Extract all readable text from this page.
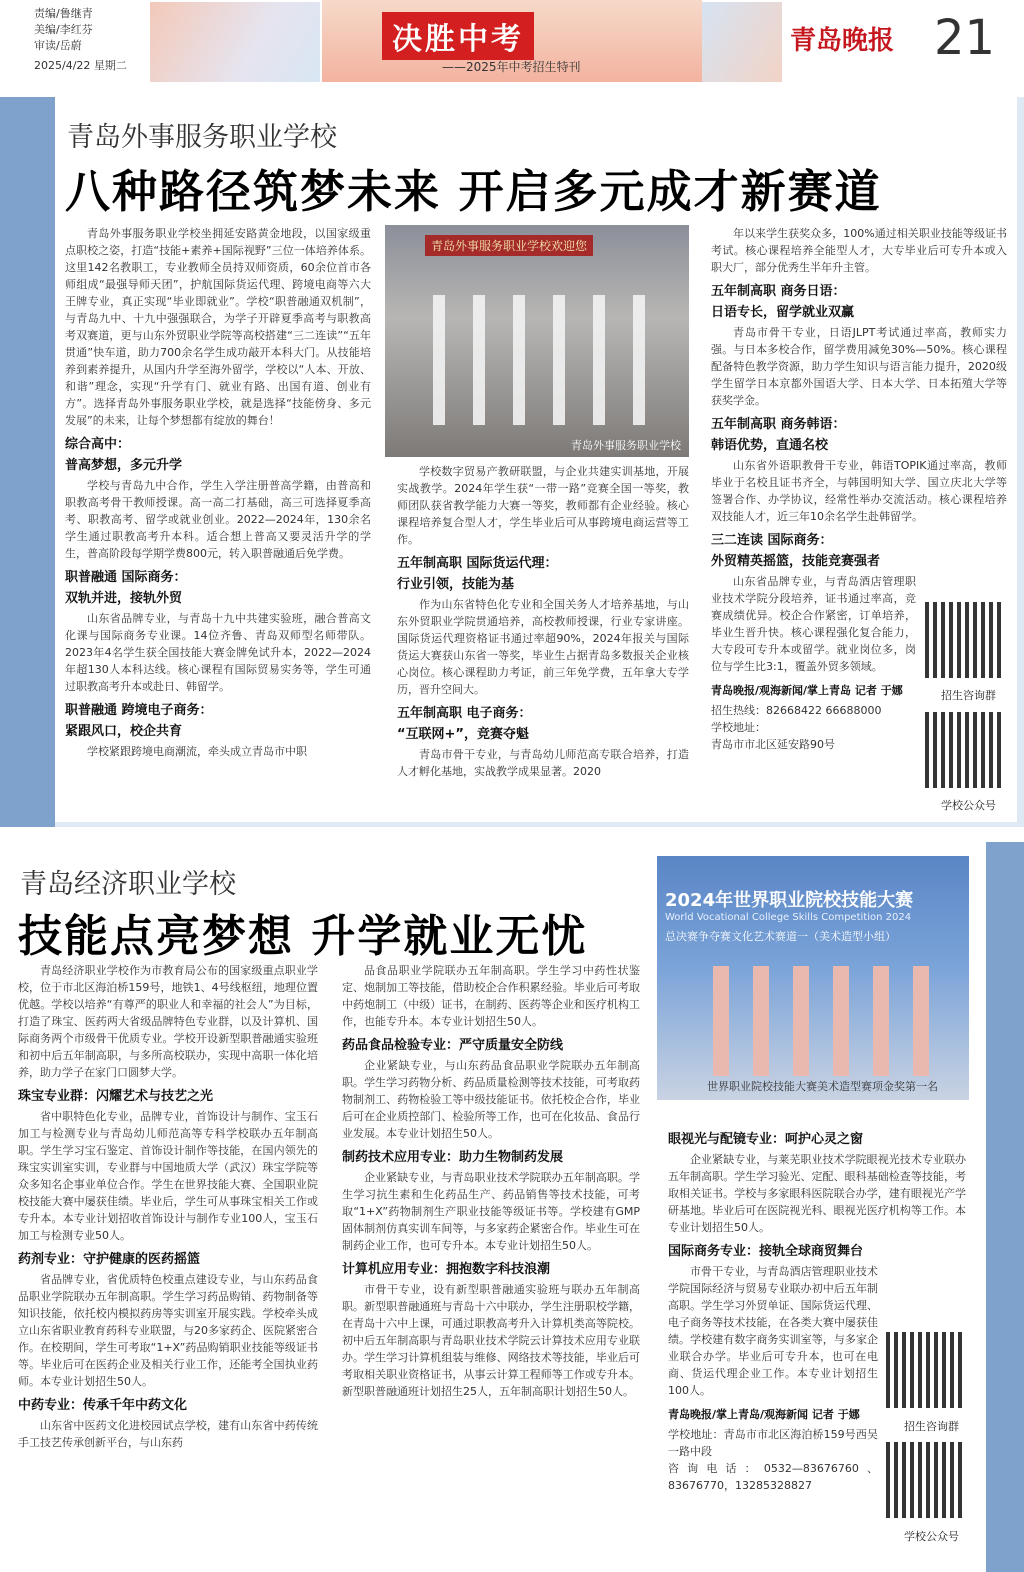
责编/鲁继青
美编/李红芬
审读/岳蔚
2025/4/22 星期二
决胜中考
——2025年中考招生特刊
青岛晚报 21
青岛外事服务职业学校
八种路径筑梦未来 开启多元成才新赛道

青岛外事服务职业学校坐拥延安路黄金地段，以国家级重点职校之姿，打造“技能+素养+国际视野”三位一体培养体系。这里142名教职工，专业教师全员持双师资质，60余位首市各师组成“最强导师天团”，护航国际货运代理、跨境电商等六大王牌专业，真正实现“毕业即就业”。学校“职普融通双机制”，与青岛九中、十九中强强联合，为学子开辟夏季高考与职教高考双赛道，更与山东外贸职业学院等高校搭建“三二连读”“五年贯通”快车道，助力700余名学生成功敲开本科大门。从技能培养到素养提升，从国内升学至海外留学，学校以“人本、开放、和谐”理念，实现“升学有门、就业有路、出国有道、创业有方”。选择青岛外事服务职业学校，就是选择“技能傍身、多元发展”的未来，让每个梦想都有绽放的舞台！

综合高中：
普高梦想，多元升学

学校与青岛九中合作，学生入学注册普高学籍，由普高和职教高考骨干教师授课。高一高二打基础，高三可选择夏季高考、职教高考、留学或就业创业。2022—2024年，130余名学生通过职教高考升本科。适合想上普高又要灵活升学的学生，普高阶段每学期学费800元，转入职普融通后免学费。

职普融通 国际商务：
双轨并进，接轨外贸

山东省品牌专业，与青岛十九中共建实验班，融合普高文化课与国际商务专业课。14位齐鲁、青岛双师型名师带队。2023年4名学生获全国技能大赛金牌免试升本，2022—2024年超130人本科达线。核心课程有国际贸易实务等，学生可通过职教高考升本或赴日、韩留学。

职普融通 跨境电子商务：
紧跟风口，校企共育

学校紧跟跨境电商潮流，牵头成立青岛市中职

青岛外事服务职业学校欢迎您
青岛外事服务职业学校

学校数字贸易产教研联盟，与企业共建实训基地，开展实战教学。2024年学生获“一带一路”竞赛全国一等奖，教师团队获省教学能力大赛一等奖，教师都有企业经验。核心课程培养复合型人才，学生毕业后可从事跨境电商运营等工作。

五年制高职 国际货运代理：
行业引领，技能为基

作为山东省特色化专业和全国关务人才培养基地，与山东外贸职业学院贯通培养，高校教师授课，行业专家讲座。国际货运代理资格证书通过率超90%，2024年报关与国际货运大赛获山东省一等奖，毕业生占据青岛多数报关企业核心岗位。核心课程助力考证，前三年免学费，五年拿大专学历，晋升空间大。

五年制高职 电子商务：
“互联网+”，竞赛夺魁

青岛市骨干专业，与青岛幼儿师范高专联合培养，打造人才孵化基地，实战教学成果显著。2020

年以来学生获奖众多，100%通过相关职业技能等级证书考试。核心课程培养全能型人才，大专毕业后可专升本或入职大厂，部分优秀生半年升主管。

五年制高职 商务日语：
日语专长，留学就业双赢

青岛市骨干专业，日语JLPT考试通过率高，教师实力强。与日本多校合作，留学费用减免30%—50%。核心课程配备特色教学资源，助力学生知识与语言能力提升，2020级学生留学日本京都外国语大学、日本大学、日本拓殖大学等获奖学金。

五年制高职 商务韩语：
韩语优势，直通名校

山东省外语职教骨干专业，韩语TOPIK通过率高，教师毕业于名校且证书齐全，与韩国明知大学、国立庆北大学等签署合作、办学协议，经常性举办交流活动。核心课程培养双技能人才，近三年10余名学生赴韩留学。

三二连读 国际商务：
外贸精英摇篮，技能竞赛强者

山东省品牌专业，与青岛酒店管理职业技术学院分段培养，证书通过率高，竞赛成绩优异。校企合作紧密，订单培养，毕业生晋升快。核心课程强化复合能力，大专段可专升本或留学。就业岗位多，岗位与学生比3:1，覆盖外贸多领域。

青岛晚报/观海新闻/掌上青岛 记者 于娜
招生热线：82668422 66688000
学校地址：
青岛市市北区延安路90号
招生咨询群
学校公众号
青岛经济职业学校
技能点亮梦想 升学就业无忧

青岛经济职业学校作为市教育局公布的国家级重点职业学校，位于市北区海泊桥159号，地铁1、4号线枢纽，地理位置优越。学校以培养“有尊严的职业人和幸福的社会人”为目标，打造了珠宝、医药两大省级品牌特色专业群，以及计算机、国际商务两个市级骨干优质专业。学校开设新型职普融通实验班和初中后五年制高职，与多所高校联办，实现中高职一体化培养，助力学子在家门口圆梦大学。

珠宝专业群：闪耀艺术与技艺之光

省中职特色化专业，品牌专业，首饰设计与制作、宝玉石加工与检测专业与青岛幼儿师范高等专科学校联办五年制高职。学生学习宝石鉴定、首饰设计制作等技能，在国内领先的珠宝实训室实训，专业群与中国地质大学（武汉）珠宝学院等众多知名企事业单位合作。学生在世界技能大赛、全国职业院校技能大赛中屡获佳绩。毕业后，学生可从事珠宝相关工作或专升本。本专业计划招收首饰设计与制作专业100人，宝玉石加工与检测专业50人。

药剂专业：守护健康的医药摇篮

省品牌专业，省优质特色校重点建设专业，与山东药品食品职业学院联办五年制高职。学生学习药品购销、药物制备等知识技能，依托校内模拟药房等实训室开展实践。学校牵头成立山东省职业教育药科专业联盟，与20多家药企、医院紧密合作。在校期间，学生可考取“1+X”药品购销职业技能等级证书等。毕业后可在医药企业及相关行业工作，还能考全国执业药师。本专业计划招生50人。

中药专业：传承千年中药文化

山东省中医药文化进校园试点学校，建有山东省中药传统手工技艺传承创新平台，与山东药

品食品职业学院联办五年制高职。学生学习中药性状鉴定、炮制加工等技能，借助校企合作积累经验。毕业后可考取中药炮制工（中级）证书，在制药、医药等企业和医疗机构工作，也能专升本。本专业计划招生50人。

药品食品检验专业：严守质量安全防线

企业紧缺专业，与山东药品食品职业学院联办五年制高职。学生学习药物分析、药品质量检测等技术技能，可考取药物制剂工、药物检验工等中级技能证书。依托校企合作，毕业后可在企业质控部门、检验所等工作，也可在化妆品、食品行业发展。本专业计划招生50人。

制药技术应用专业：助力生物制药发展

企业紧缺专业，与青岛职业技术学院联办五年制高职。学生学习抗生素和生化药品生产、药品销售等技术技能，可考取“1+X”药物制剂生产职业技能等级证书等。学校建有GMP固体制剂仿真实训车间等，与多家药企紧密合作。毕业生可在制药企业工作，也可专升本。本专业计划招生50人。

计算机应用专业：拥抱数字科技浪潮

市骨干专业，设有新型职普融通实验班与联办五年制高职。新型职普融通班与青岛十六中联办，学生注册职校学籍，在青岛十六中上课，可通过职教高考升入计算机类高等院校。初中后五年制高职与青岛职业技术学院云计算技术应用专业联办。学生学习计算机组装与维修、网络技术等技能，毕业后可考取相关职业资格证书，从事云计算工程师等工作或专升本。新型职普融通班计划招生25人，五年制高职计划招生50人。

2024年世界职业院校技能大赛
World Vocational College Skills Competition 2024
总决赛争夺赛文化艺术赛道一（美术造型小组）
世界职业院校技能大赛美术造型赛项金奖第一名
眼视光与配镜专业：呵护心灵之窗

企业紧缺专业，与莱芜职业技术学院眼视光技术专业联办五年制高职。学生学习验光、定配、眼科基础检查等技能，考取相关证书。学校与多家眼科医院联合办学，建有眼视光产学研基地。毕业后可在医院视光科、眼视光医疗机构等工作。本专业计划招生50人。

国际商务专业：接轨全球商贸舞台

市骨干专业，与青岛酒店管理职业技术学院国际经济与贸易专业联办初中后五年制高职。学生学习外贸单证、国际货运代理、电子商务等技术技能，在各类大赛中屡获佳绩。学校建有数字商务实训室等，与多家企业联合办学。毕业后可专升本，也可在电商、货运代理企业工作。本专业计划招生100人。

青岛晚报/掌上青岛/观海新闻 记者 于娜
学校地址：青岛市市北区海泊桥159号西吴一路中段
咨询电话：0532—83676760、83676770，13285328827
招生咨询群
学校公众号
